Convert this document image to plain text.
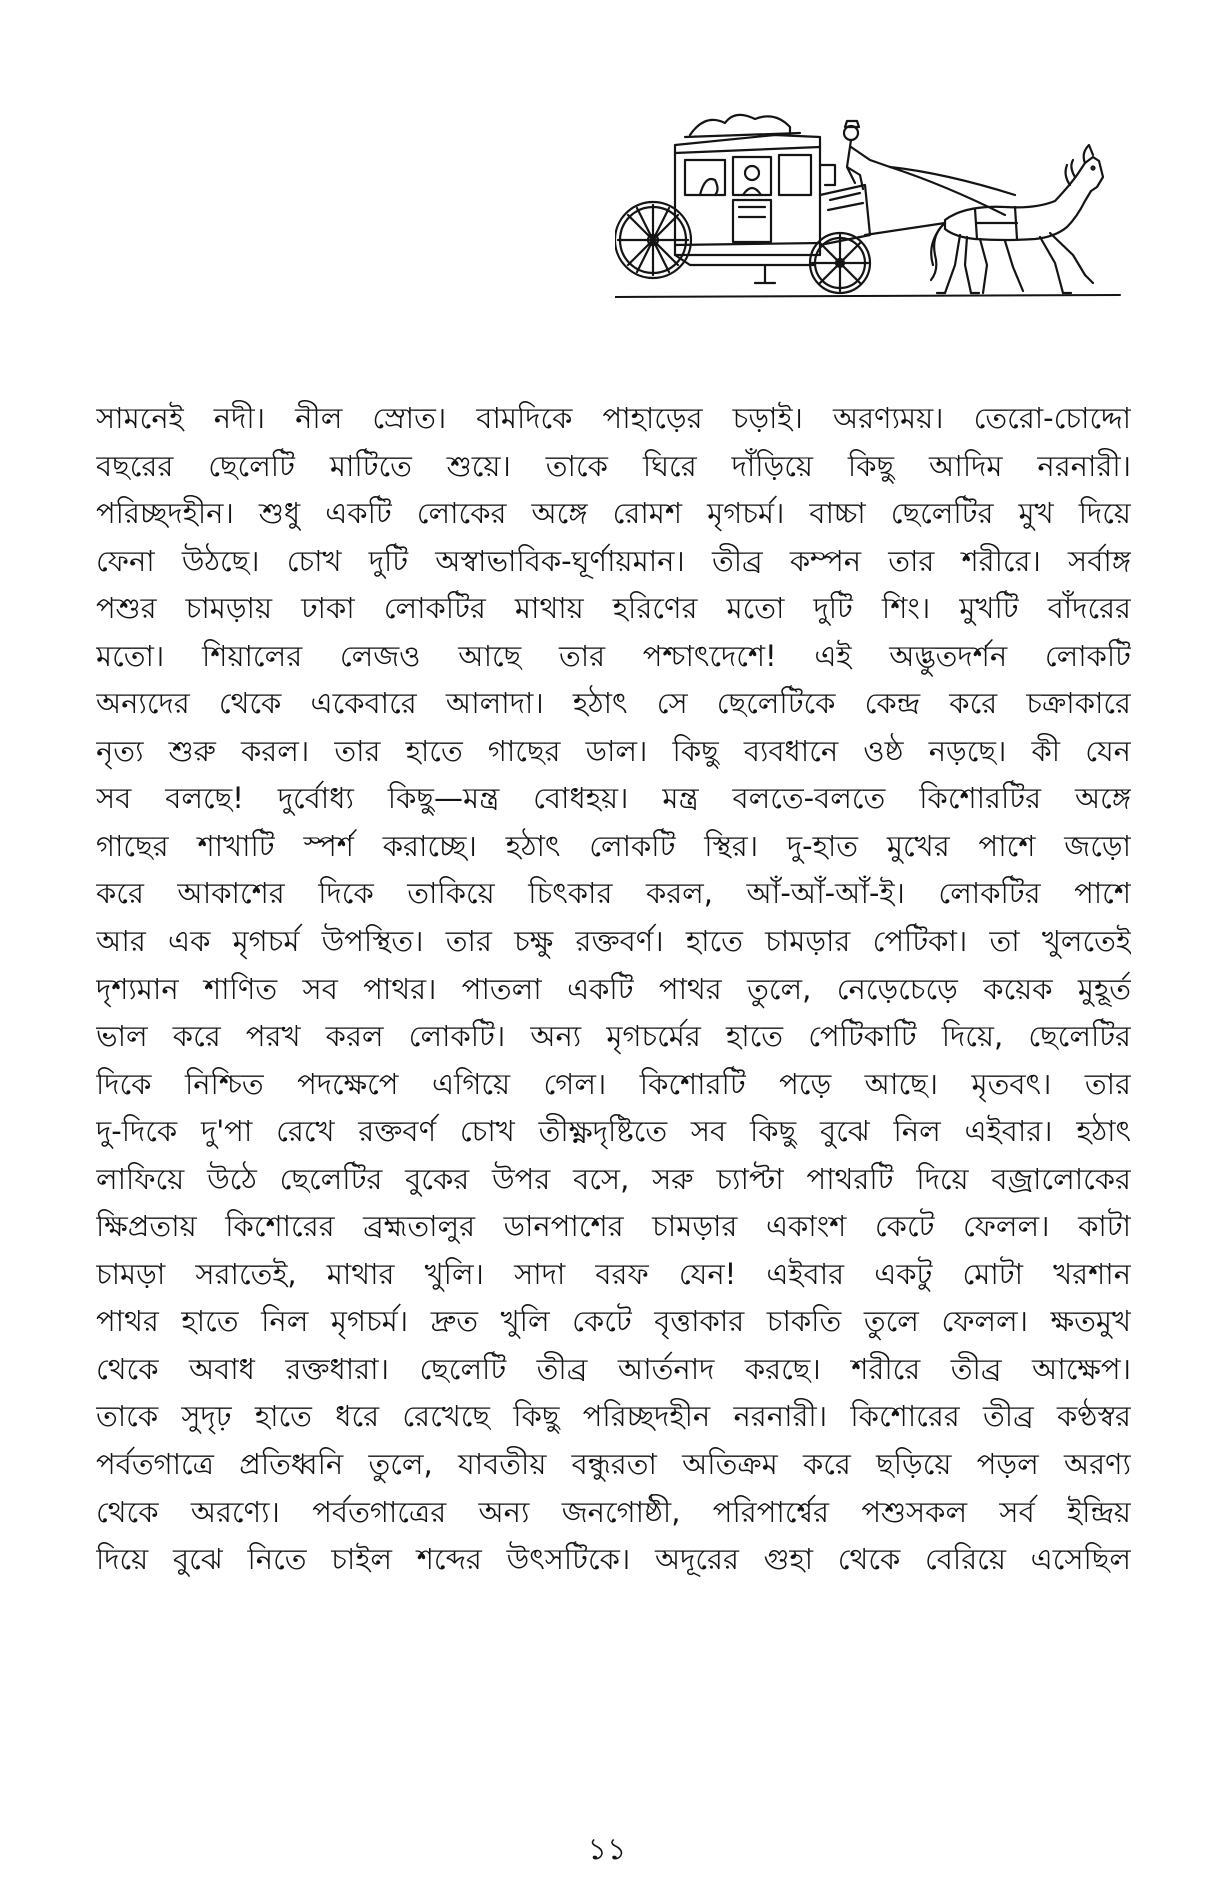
সামনেই নদী। নীল স্রোত। বামদিকে পাহাড়ের চড়াই। অরণ্যময়। তেরো-চোদ্দো
বছরের ছেলেটি মাটিতে শুয়ে। তাকে ঘিরে দাঁড়িয়ে কিছু আদিম নরনারী।
পরিচ্ছদহীন। শুধু একটি লোকের অঙ্গে রোমশ মৃগচর্ম। বাচ্চা ছেলেটির মুখ দিয়ে
ফেনা উঠছে। চোখ দুটি অস্বাভাবিক-ঘূর্ণায়মান। তীব্র কম্পন তার শরীরে। সর্বাঙ্গ
পশুর চামড়ায় ঢাকা লোকটির মাথায় হরিণের মতো দুটি শিং। মুখটি বাঁদরের
মতো। শিয়ালের লেজও আছে তার পশ্চাৎদেশে! এই অদ্ভুতদর্শন লোকটি
অন্যদের থেকে একেবারে আলাদা। হঠাৎ সে ছেলেটিকে কেন্দ্র করে চক্রাকারে
নৃত্য শুরু করল। তার হাতে গাছের ডাল। কিছু ব্যবধানে ওষ্ঠ নড়ছে। কী যেন
সব বলছে! দুর্বোধ্য কিছু—মন্ত্র বোধহয়। মন্ত্র বলতে-বলতে কিশোরটির অঙ্গে
গাছের শাখাটি স্পর্শ করাচ্ছে। হঠাৎ লোকটি স্থির। দু-হাত মুখের পাশে জড়ো
করে আকাশের দিকে তাকিয়ে চিৎকার করল, আঁ-আঁ-আঁ-ই। লোকটির পাশে
আর এক মৃগচর্ম উপস্থিত। তার চক্ষু রক্তবর্ণ। হাতে চামড়ার পেটিকা। তা খুলতেই
দৃশ্যমান শাণিত সব পাথর। পাতলা একটি পাথর তুলে, নেড়েচেড়ে কয়েক মুহূর্ত
ভাল করে পরখ করল লোকটি। অন্য মৃগচর্মের হাতে পেটিকাটি দিয়ে, ছেলেটির
দিকে নিশ্চিত পদক্ষেপে এগিয়ে গেল। কিশোরটি পড়ে আছে। মৃতবৎ। তার
দু-দিকে দু'পা রেখে রক্তবর্ণ চোখ তীক্ষ্ণদৃষ্টিতে সব কিছু বুঝে নিল এইবার। হঠাৎ
লাফিয়ে উঠে ছেলেটির বুকের উপর বসে, সরু চ্যাপ্টা পাথরটি দিয়ে বজ্রালোকের
ক্ষিপ্রতায় কিশোরের ব্রহ্মতালুর ডানপাশের চামড়ার একাংশ কেটে ফেলল। কাটা
চামড়া সরাতেই, মাথার খুলি। সাদা বরফ যেন! এইবার একটু মোটা খরশান
পাথর হাতে নিল মৃগচর্ম। দ্রুত খুলি কেটে বৃত্তাকার চাকতি তুলে ফেলল। ক্ষতমুখ
থেকে অবাধ রক্তধারা। ছেলেটি তীব্র আর্তনাদ করছে। শরীরে তীব্র আক্ষেপ।
তাকে সুদৃঢ় হাতে ধরে রেখেছে কিছু পরিচ্ছদহীন নরনারী। কিশোরের তীব্র কণ্ঠস্বর
পর্বতগাত্রে প্রতিধ্বনি তুলে, যাবতীয় বন্ধুরতা অতিক্রম করে ছড়িয়ে পড়ল অরণ্য
থেকে অরণ্যে। পর্বতগাত্রের অন্য জনগোষ্ঠী, পরিপার্শ্বের পশুসকল সর্ব ইন্দ্রিয়
দিয়ে বুঝে নিতে চাইল শব্দের উৎসটিকে। অদূরের গুহা থেকে বেরিয়ে এসেছিল
১১
